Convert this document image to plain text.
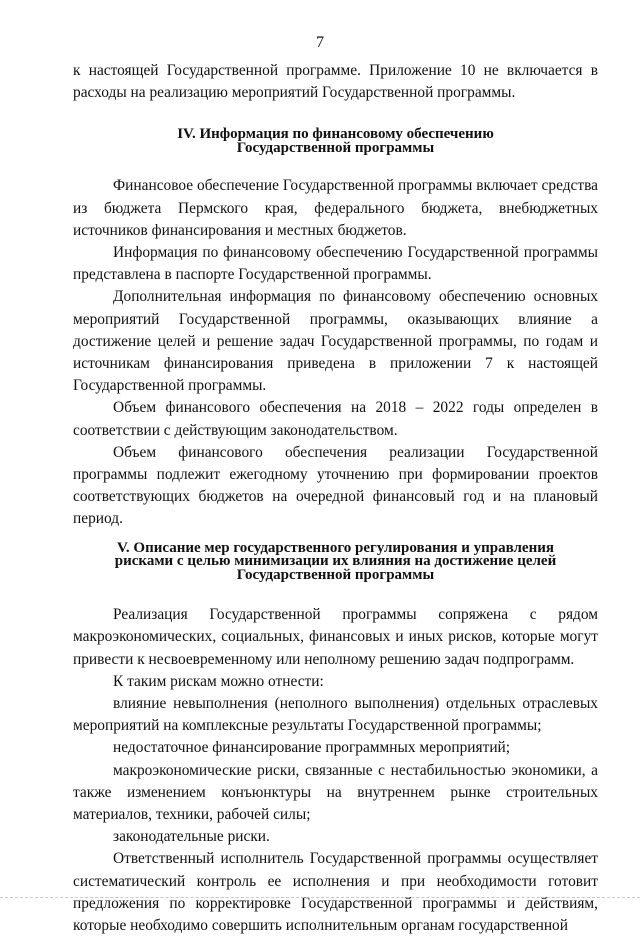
7

к настоящей Государственной программе. Приложение 10 не включается в расходы на реализацию мероприятий Государственной программы.

IV. Информация по финансовому обеспечению
Государственной программы

Финансовое обеспечение Государственной программы включает средства из бюджета Пермского края, федерального бюджета, внебюджетных источников финансирования и местных бюджетов.

Информация по финансовому обеспечению Государственной программы представлена в паспорте Государственной программы.

Дополнительная информация по финансовому обеспечению основных мероприятий Государственной программы, оказывающих влияние а достижение целей и решение задач Государственной программы, по годам и источникам финансирования приведена в приложении 7 к настоящей Государственной программы.

Объем финансового обеспечения на 2018 – 2022 годы определен в соответствии с действующим законодательством.

Объем финансового обеспечения реализации Государственной программы подлежит ежегодному уточнению при формировании проектов соответствующих бюджетов на очередной финансовый год и на плановый период.

V. Описание мер государственного регулирования и управления
рисками с целью минимизации их влияния на достижение целей
Государственной программы

Реализация Государственной программы сопряжена с рядом макроэкономических, социальных, финансовых и иных рисков, которые могут привести к несвоевременному или неполному решению задач подпрограмм.

К таким рискам можно отнести:

влияние невыполнения (неполного выполнения) отдельных отраслевых мероприятий на комплексные результаты Государственной программы;

недостаточное финансирование программных мероприятий;

макроэкономические риски, связанные с нестабильностью экономики, а также изменением конъюнктуры на внутреннем рынке строительных материалов, техники, рабочей силы;

законодательные риски.

Ответственный исполнитель Государственной программы осуществляет систематический контроль ее исполнения и при необходимости готовит предложения по корректировке Государственной программы и действиям, которые необходимо совершить исполнительным органам государственной
